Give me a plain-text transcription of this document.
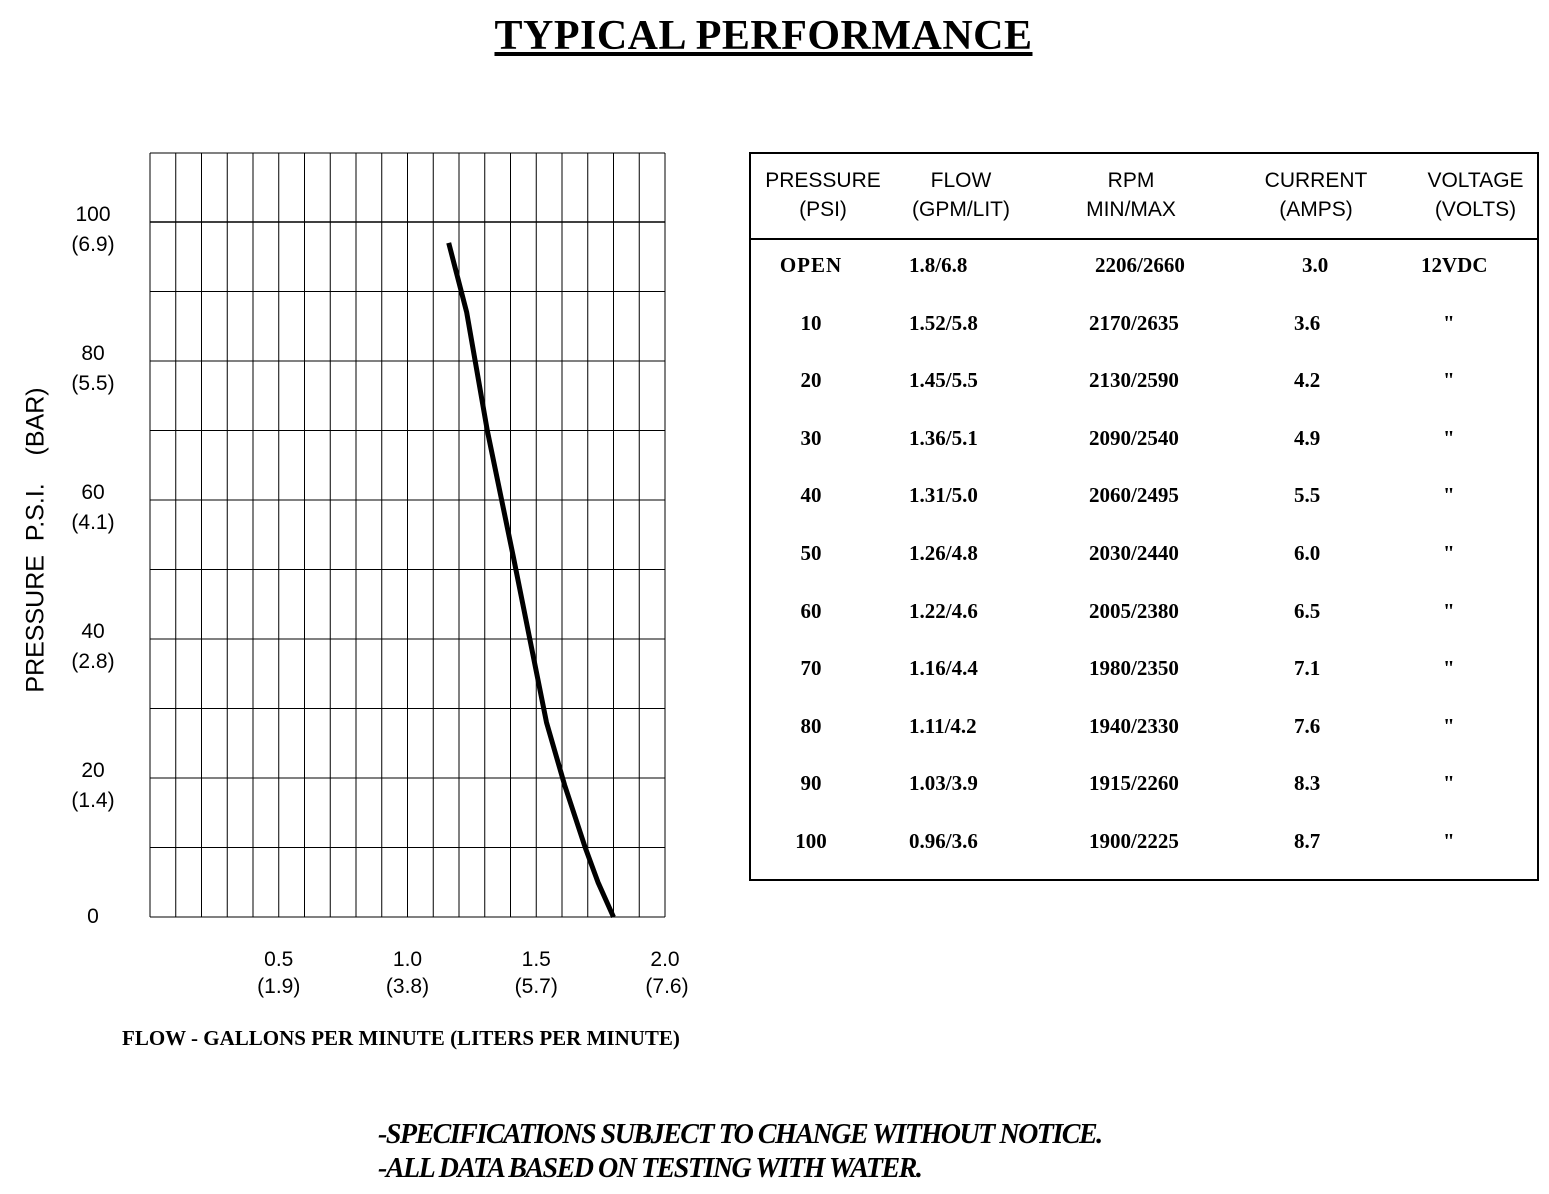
TYPICAL PERFORMANCE
0
20
(1.4)
40
(2.8)
60
(4.1)
80
(5.5)
100
(6.9)
0.5
(1.9)
1.0
(3.8)
1.5
(5.7)
2.0
(7.6)
PRESSURE  P.S.I.    (BAR)
FLOW - GALLONS PER MINUTE (LITERS PER MINUTE)
PRESSURE
(PSI)
FLOW
(GPM/LIT)
RPM
MIN/MAX
CURRENT
(AMPS)
VOLTAGE
(VOLTS)
OPEN	1.8/6.8	2206/2660	3.0	12VDC
10	1.52/5.8	2170/2635	3.6	"
20	1.45/5.5	2130/2590	4.2	"
30	1.36/5.1	2090/2540	4.9	"
40	1.31/5.0	2060/2495	5.5	"
50	1.26/4.8	2030/2440	6.0	"
60	1.22/4.6	2005/2380	6.5	"
70	1.16/4.4	1980/2350	7.1	"
80	1.11/4.2	1940/2330	7.6	"
90	1.03/3.9	1915/2260	8.3	"
100	0.96/3.6	1900/2225	8.7	"
-SPECIFICATIONS SUBJECT TO CHANGE WITHOUT NOTICE.
-ALL DATA BASED ON TESTING WITH WATER.
